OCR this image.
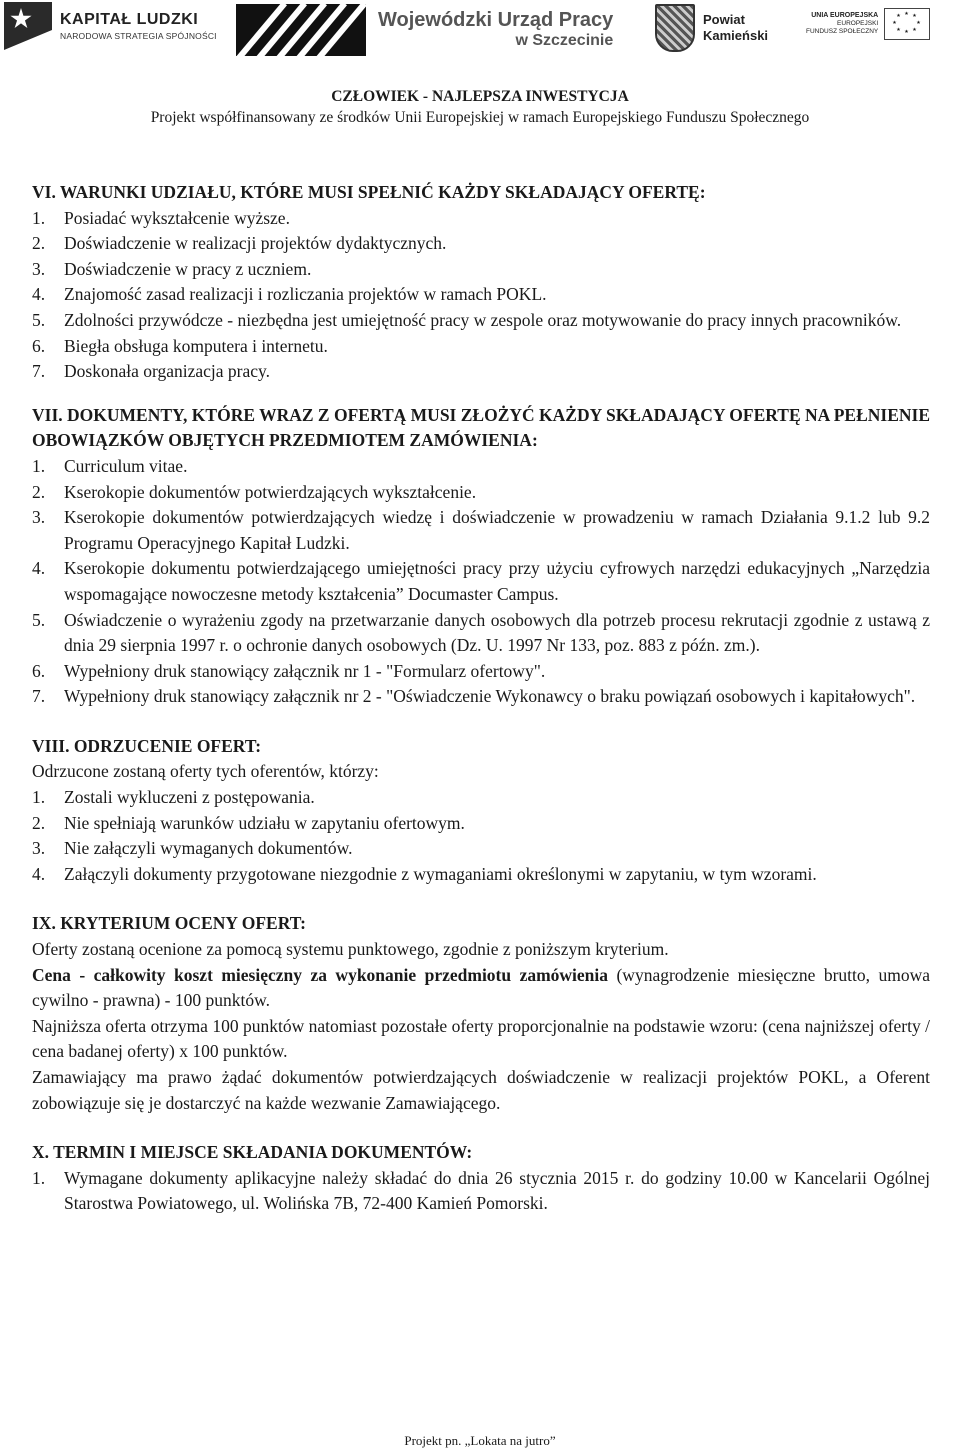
KAPITAŁ LUDZKI
NARODOWA STRATEGIA SPÓJNOŚCI
Wojewódzki Urząd Pracy
w Szczecinie
Powiat
Kamieński
UNIA EUROPEJSKA
EUROPEJSKI
FUNDUSZ SPOŁECZNY
★ ★
★
★
★
★
★
★
CZŁOWIEK - NAJLEPSZA INWESTYCJA
Projekt współfinansowany ze środków Unii Europejskiej w ramach Europejskiego Funduszu Społecznego
VI. WARUNKI UDZIAŁU, KTÓRE MUSI SPEŁNIĆ KAŻDY SKŁADAJĄCY OFERTĘ:
1.	Posiadać wykształcenie wyższe.
2.	Doświadczenie w realizacji projektów dydaktycznych.
3.	Doświadczenie w pracy z uczniem.
4.	Znajomość zasad realizacji i rozliczania projektów w ramach POKL.
5.	Zdolności przywódcze - niezbędna jest umiejętność pracy w zespole oraz motywowanie do pracy innych pracowników.
6.	Biegła obsługa komputera i internetu.
7.	Doskonała organizacja pracy.
VII. DOKUMENTY, KTÓRE WRAZ Z OFERTĄ MUSI ZŁOŻYĆ KAŻDY SKŁADAJĄCY OFERTĘ NA PEŁNIENIE OBOWIĄZKÓW OBJĘTYCH PRZEDMIOTEM ZAMÓWIENIA:
1.	Curriculum vitae.
2.	Kserokopie dokumentów potwierdzających wykształcenie.
3.	Kserokopie dokumentów potwierdzających wiedzę i doświadczenie w prowadzeniu w ramach Działania 9.1.2 lub 9.2 Programu Operacyjnego Kapitał Ludzki.
4.	Kserokopie dokumentu potwierdzającego umiejętności pracy przy użyciu cyfrowych narzędzi edukacyjnych „Narzędzia wspomagające nowoczesne metody kształcenia” Documaster Campus.
5.	Oświadczenie o wyrażeniu zgody na przetwarzanie danych osobowych dla potrzeb procesu rekrutacji zgodnie z ustawą z dnia 29 sierpnia 1997 r. o ochronie danych osobowych (Dz. U. 1997 Nr 133, poz. 883 z późn. zm.).
6.	Wypełniony druk stanowiący załącznik nr 1 - "Formularz ofertowy".
7.	Wypełniony druk stanowiący załącznik nr 2 - "Oświadczenie Wykonawcy o braku powiązań osobowych i kapitałowych".
VIII. ODRZUCENIE OFERT:
Odrzucone zostaną oferty tych oferentów, którzy:
1.	Zostali wykluczeni z postępowania.
2.	Nie spełniają warunków udziału w zapytaniu ofertowym.
3.	Nie załączyli wymaganych dokumentów.
4.	Załączyli dokumenty przygotowane niezgodnie z wymaganiami określonymi w zapytaniu, w tym wzorami.
IX. KRYTERIUM OCENY OFERT:
Oferty zostaną ocenione za pomocą systemu punktowego, zgodnie z poniższym kryterium.
Cena - całkowity koszt miesięczny za wykonanie przedmiotu zamówienia (wynagrodzenie miesięczne brutto, umowa cywilno - prawna) - 100 punktów.
Najniższa oferta otrzyma 100 punktów natomiast pozostałe oferty proporcjonalnie na podstawie wzoru: (cena najniższej oferty / cena badanej oferty) x 100 punktów.
Zamawiający ma prawo żądać dokumentów potwierdzających doświadczenie w realizacji projektów POKL, a Oferent zobowiązuje się je dostarczyć na każde wezwanie Zamawiającego.
X. TERMIN I MIEJSCE SKŁADANIA DOKUMENTÓW:
1.	Wymagane dokumenty aplikacyjne należy składać do dnia 26 stycznia 2015 r. do godziny 10.00 w Kancelarii Ogólnej Starostwa Powiatowego, ul. Wolińska 7B, 72-400 Kamień Pomorski.
Projekt pn. „Lokata na jutro”
